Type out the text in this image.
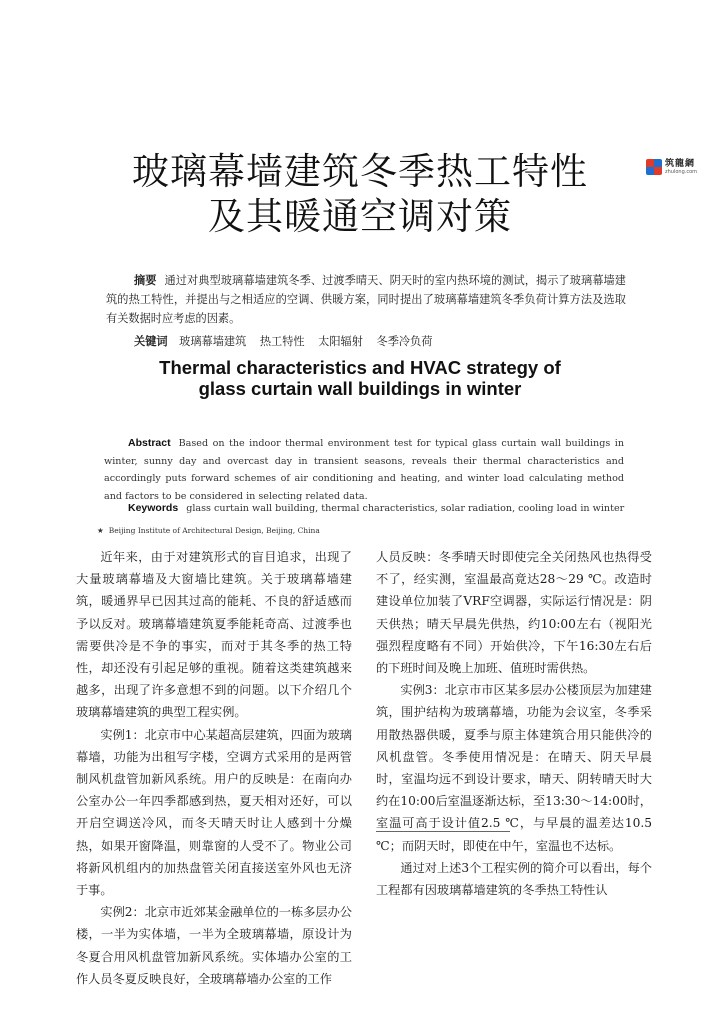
筑龍網
zhulong.com
玻璃幕墙建筑冬季热工特性
及其暖通空调对策
摘要 通过对典型玻璃幕墙建筑冬季、过渡季晴天、阴天时的室内热环境的测试，揭示了玻璃幕墙建筑的热工特性，并提出与之相适应的空调、供暖方案，同时提出了玻璃幕墙建筑冬季负荷计算方法及选取有关数据时应考虑的因素。
关键词 玻璃幕墙建筑 热工特性 太阳辐射 冬季冷负荷
Thermal characteristics and HVAC strategy of
glass curtain wall buildings in winter
Abstract Based on the indoor thermal environment test for typical glass curtain wall buildings in winter, sunny day and overcast day in transient seasons, reveals their thermal characteristics and accordingly puts forward schemes of air conditioning and heating, and winter load calculating method and factors to be considered in selecting related data.
Keywords glass curtain wall building, thermal characteristics, solar radiation, cooling load in winter
★ Beijing Institute of Architectural Design, Beijing, China

近年来，由于对建筑形式的盲目追求，出现了大量玻璃幕墙及大窗墙比建筑。关于玻璃幕墙建筑，暖通界早已因其过高的能耗、不良的舒适感而予以反对。玻璃幕墙建筑夏季能耗奇高、过渡季也需要供冷是不争的事实，而对于其冬季的热工特性，却还没有引起足够的重视。随着这类建筑越来越多，出现了许多意想不到的问题。以下介绍几个玻璃幕墙建筑的典型工程实例。

实例1：北京市中心某超高层建筑，四面为玻璃幕墙，功能为出租写字楼，空调方式采用的是两管制风机盘管加新风系统。用户的反映是：在南向办公室办公一年四季都感到热，夏天相对还好，可以开启空调送冷风，而冬天晴天时让人感到十分燥热，如果开窗降温，则靠窗的人受不了。物业公司将新风机组内的加热盘管关闭直接送室外风也无济于事。

实例2：北京市近郊某金融单位的一栋多层办公楼，一半为实体墙，一半为全玻璃幕墙，原设计为冬夏合用风机盘管加新风系统。实体墙办公室的工作人员冬夏反映良好，全玻璃幕墙办公室的工作

人员反映：冬季晴天时即使完全关闭热风也热得受不了，经实测，室温最高竟达28～29 ℃。改造时建设单位加装了VRF空调器，实际运行情况是：阴天供热；晴天早晨先供热，约10:00左右（视阳光强烈程度略有不同）开始供冷，下午16:30左右后的下班时间及晚上加班、值班时需供热。

实例3：北京市市区某多层办公楼顶层为加建建筑，围护结构为玻璃幕墙，功能为会议室，冬季采用散热器供暖，夏季与原主体建筑合用只能供冷的风机盘管。冬季使用情况是：在晴天、阴天早晨时，室温均远不到设计要求，晴天、阴转晴天时大约在10:00后室温逐渐达标，至13:30～14:00时，室温可高于设计值2.5 ℃，与早晨的温差达10.5 ℃；而阴天时，即使在中午，室温也不达标。

通过对上述3个工程实例的简介可以看出，每个工程都有因玻璃幕墙建筑的冬季热工特性认
